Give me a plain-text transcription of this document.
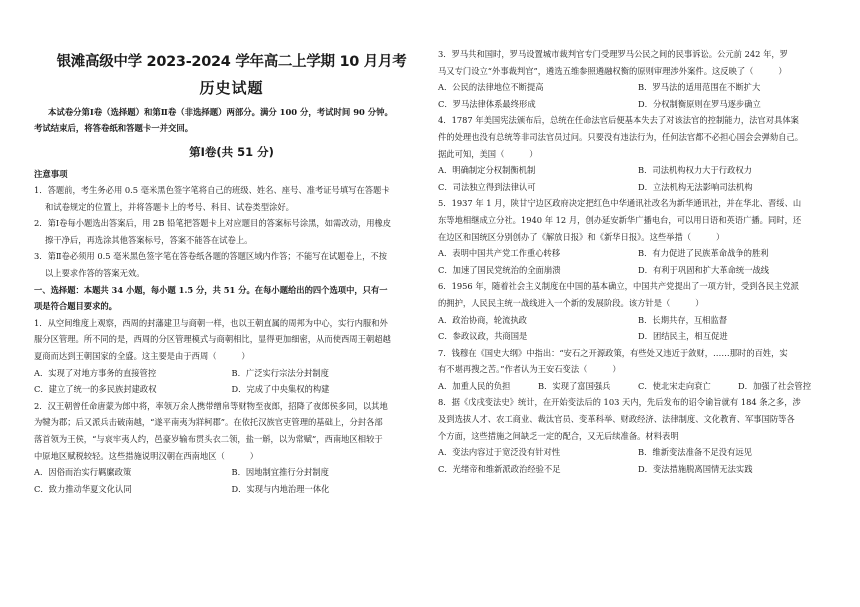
银滩高级中学 2023-2024 学年高二上学期 10 月月考
历史试题
本试卷分第Ⅰ卷（选择题）和第Ⅱ卷（非选择题）两部分。满分 100 分，考试时间 90 分钟。
考试结束后，将答卷纸和答题卡一并交回。
第Ⅰ卷(共 51 分)
注意事项

1．答题前，考生务必用 0.5 毫米黑色签字笔将自己的班级、姓名、座号、准考证号填写在答题卡

和试卷规定的位置上，并将答题卡上的考号、科目、试卷类型涂好。

2．第Ⅰ卷每小题选出答案后，用 2B 铅笔把答题卡上对应题目的答案标号涂黑，如需改动，用橡皮

擦干净后，再选涂其他答案标号，答案不能答在试卷上。

3．第Ⅱ卷必须用 0.5 毫米黑色签字笔在答卷纸各题的答题区域内作答；不能写在试题卷上，不按

以上要求作答的答案无效。

一、选择题：本题共 34 小题，每小题 1.5 分，共 51 分。在每小题给出的四个选项中，只有一

项是符合题目要求的。

1．从空间维度上观察，西周的封藩建卫与商朝一样，也以王朝直属的周邦为中心，实行内服和外

服分区管理。所不同的是，西周的分区管理模式与商朝相比，显得更加细密，从而使西周王朝超越

夏商而达到王朝国家的全盛。这主要是由于西周（　　　）

A．实现了对地方事务的直接管控	B．广泛实行宗法分封制度
C．建立了统一的多民族封建政权	D．完成了中央集权的构建

2．汉王朝曾任命唐蒙为郎中将，率领万余人携带缯帛等财物至夜郎，招降了夜郎侯多同，以其地

为犍为郡；后又派兵击破南越，“遂平南夷为牂柯郡”。在依托汉族官吏管理的基础上，分封各部

落首领为王侯，“与哀牢夷人约，邑豪岁输布贯头衣二领，盐一斛，以为常赋”，西南地区相较于

中原地区赋税较轻。这些措施说明汉朝在西南地区（　　　）

A．因俗而治实行羁縻政策	B．因地制宜推行分封制度
C．致力推动华夏文化认同	D．实现与内地治理一体化

3．罗马共和国时，罗马设置城市裁判官专门受理罗马公民之间的民事诉讼。公元前 242 年，罗

马又专门设立“外事裁判官”，遴选五维参照遴融权衡的原则审理涉外案件。这反映了（　　　）

A．公民的法律地位不断提高	B．罗马法的适用范围在不断扩大
C．罗马法律体系最终形成	D．分权制衡原则在罗马逐步确立

4．1787 年美国宪法颁布后，总统在任命法官后便基本失去了对该法官的控制能力，法官对具体案

件的处理也没有总统等非司法官员过问。只要没有违法行为，任何法官都不必担心国会会弹劾自己。

据此可知，美国（　　　）

A．明确制定分权制衡机制	B．司法机构权力大于行政权力
C．司法独立得到法律认可	D．立法机构无法影响司法机构

5．1937 年 1 月，陕甘宁边区政府决定把红色中华通讯社改名为新华通讯社，并在华北、晋绥、山

东等地相继成立分社。1940 年 12 月，创办延安新华广播电台，可以用日语和英语广播。同时，还

在边区和国统区分别创办了《解放日报》和《新华日报》。这些举措（　　　）

A．表明中国共产党工作重心转移	B．有力促进了民族革命战争的胜利
C．加速了国民党统治的全面崩溃	D．有利于巩固和扩大革命统一战线

6．1956 年，随着社会主义制度在中国的基本确立，中国共产党提出了一项方针，受到各民主党派

的拥护，人民民主统一战线进入一个新的发展阶段。该方针是（　　　）

A．政治协商，轮流执政	B．长期共存，互相监督
C．参政议政，共商国是	D．团结民主，相互促进

7．钱穆在《国史大纲》中指出：“安石之开源政策，有些处又违近于敛财，……那时的百姓，实

有不堪再搜之苦。”作者认为王安石变法（　　　）

A．加重人民的负担	B．实现了富国强兵	C．使北宋走向衰亡	D．加强了社会管控

8．据《戊戌变法史》统计，在开始变法后的 103 天内，先后发布的诏令谕旨就有 184 条之多，涉

及到选拔人才、农工商业、裁汰官员、变革科举、财政经济、法律制度、文化教育、军事国防等各

个方面，这些措施之间缺乏一定的配合，又无后续准备。材料表明

A．变法内容过于宽泛没有针对性	B．维新变法准备不足没有远见
C．光绪帝和维新派政治经验不足	D．变法措施脱离国情无法实践
